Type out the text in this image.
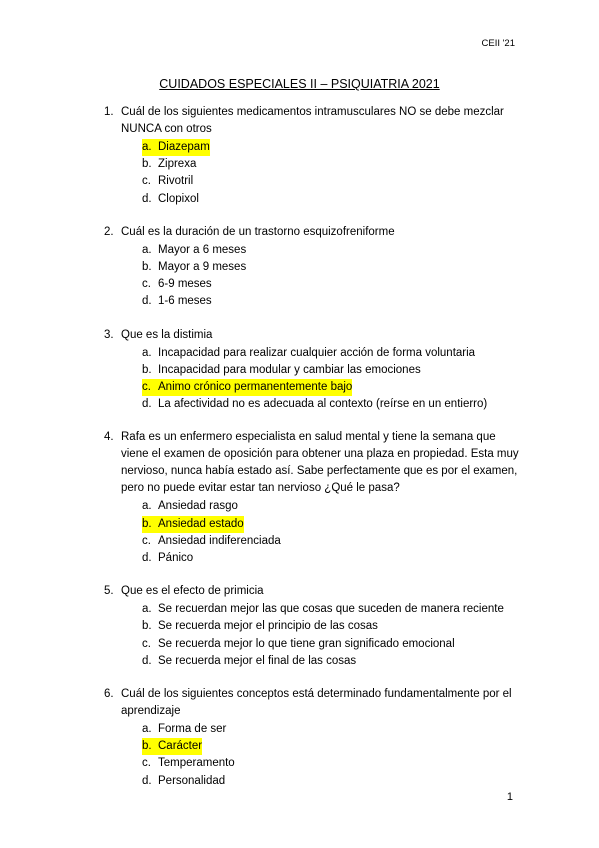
CEII '21
CUIDADOS ESPECIALES II – PSIQUIATRIA 2021
1. Cuál de los siguientes medicamentos intramusculares NO se debe mezclar NUNCA con otros
a. Diazepam
b. Ziprexa
c. Rivotril
d. Clopixol
2. Cuál es la duración de un trastorno esquizofreniforme
a. Mayor a 6 meses
b. Mayor a 9 meses
c. 6-9 meses
d. 1-6 meses
3. Que es la distimia
a. Incapacidad para realizar cualquier acción de forma voluntaria
b. Incapacidad para modular y cambiar las emociones
c. Animo crónico permanentemente bajo
d. La afectividad no es adecuada al contexto (reírse en un entierro)
4. Rafa es un enfermero especialista en salud mental y tiene la semana que viene el examen de oposición para obtener una plaza en propiedad. Esta muy nervioso, nunca había estado así. Sabe perfectamente que es por el examen, pero no puede evitar estar tan nervioso ¿Qué le pasa?
a. Ansiedad rasgo
b. Ansiedad estado
c. Ansiedad indiferenciada
d. Pánico
5. Que es el efecto de primicia
a. Se recuerdan mejor las que cosas que suceden de manera reciente
b. Se recuerda mejor el principio de las cosas
c. Se recuerda mejor lo que tiene gran significado emocional
d. Se recuerda mejor el final de las cosas
6. Cuál de los siguientes conceptos está determinado fundamentalmente por el aprendizaje
a. Forma de ser
b. Carácter
c. Temperamento
d. Personalidad
1
